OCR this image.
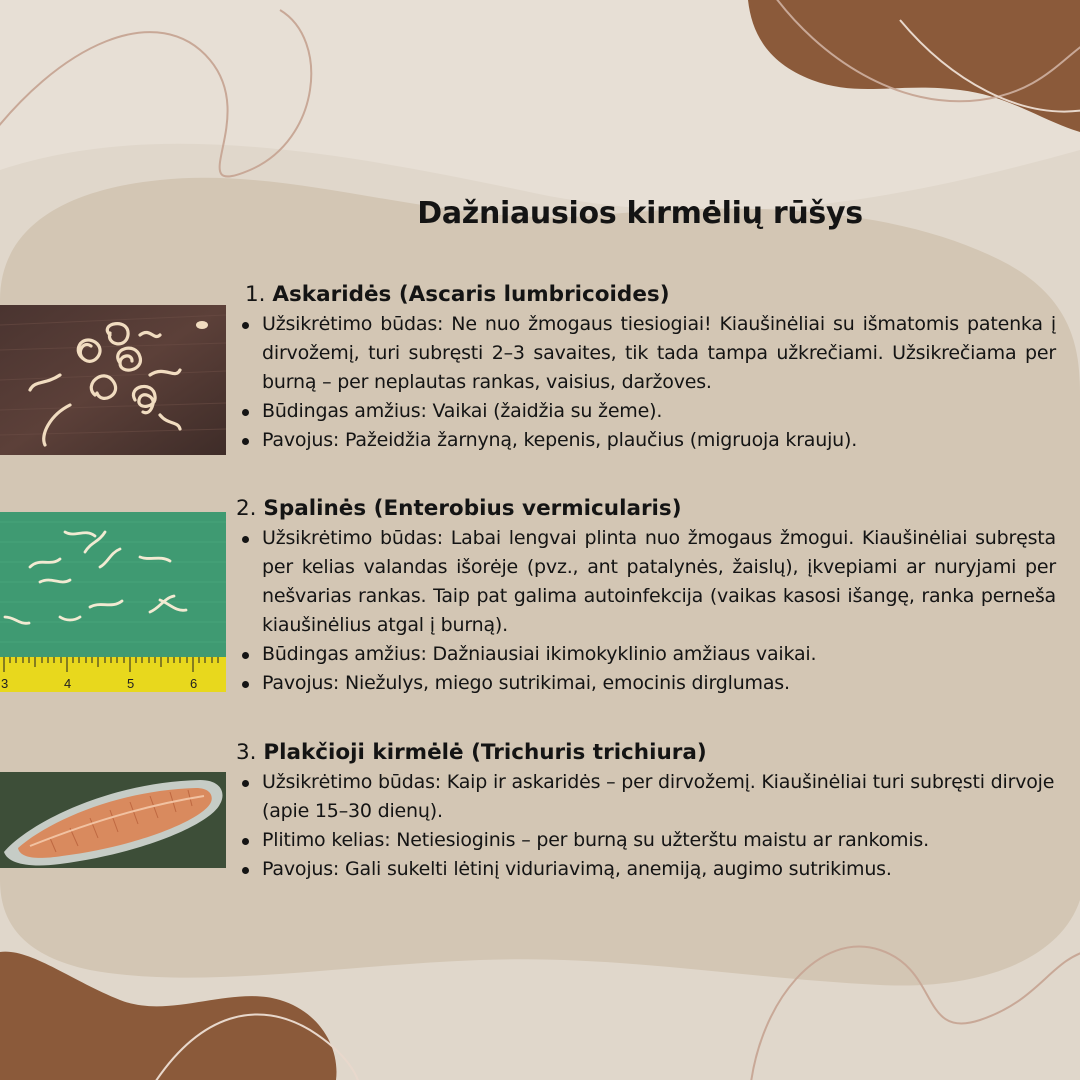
Dažniausios kirmėlių rūšys
1. Askaridės (Ascaris lumbricoides)
Užsikrėtimo būdas: Ne nuo žmogaus tiesiogiai! Kiaušinėliai su išmatomis patenka į dirvožemį, turi subręsti 2–3 savaites, tik tada tampa užkrečiami. Užsikrečiama per burną – per neplautas rankas, vaisius, daržoves.
Būdingas amžius: Vaikai (žaidžia su žeme).
Pavojus: Pažeidžia žarnyną, kepenis, plaučius (migruoja krauju).
3	4	5	6
2. Spalinės (Enterobius vermicularis)
Užsikrėtimo būdas: Labai lengvai plinta nuo žmogaus žmogui. Kiaušinėliai subręsta per kelias valandas išorėje (pvz., ant patalynės, žaislų), įkvepiami ar nuryjami per nešvarias rankas. Taip pat galima autoinfekcija (vaikas kasosi išangę, ranka perneša kiaušinėlius atgal į burną).
Būdingas amžius: Dažniausiai ikimokyklinio amžiaus vaikai.
Pavojus: Niežulys, miego sutrikimai, emocinis dirglumas.
3. Plakčioji kirmėlė (Trichuris trichiura)
Užsikrėtimo būdas: Kaip ir askaridės – per dirvožemį. Kiaušinėliai turi subręsti dirvoje (apie 15–30 dienų).
Plitimo kelias: Netiesioginis – per burną su užterštu maistu ar rankomis.
Pavojus: Gali sukelti lėtinį viduriavimą, anemiją, augimo sutrikimus.
